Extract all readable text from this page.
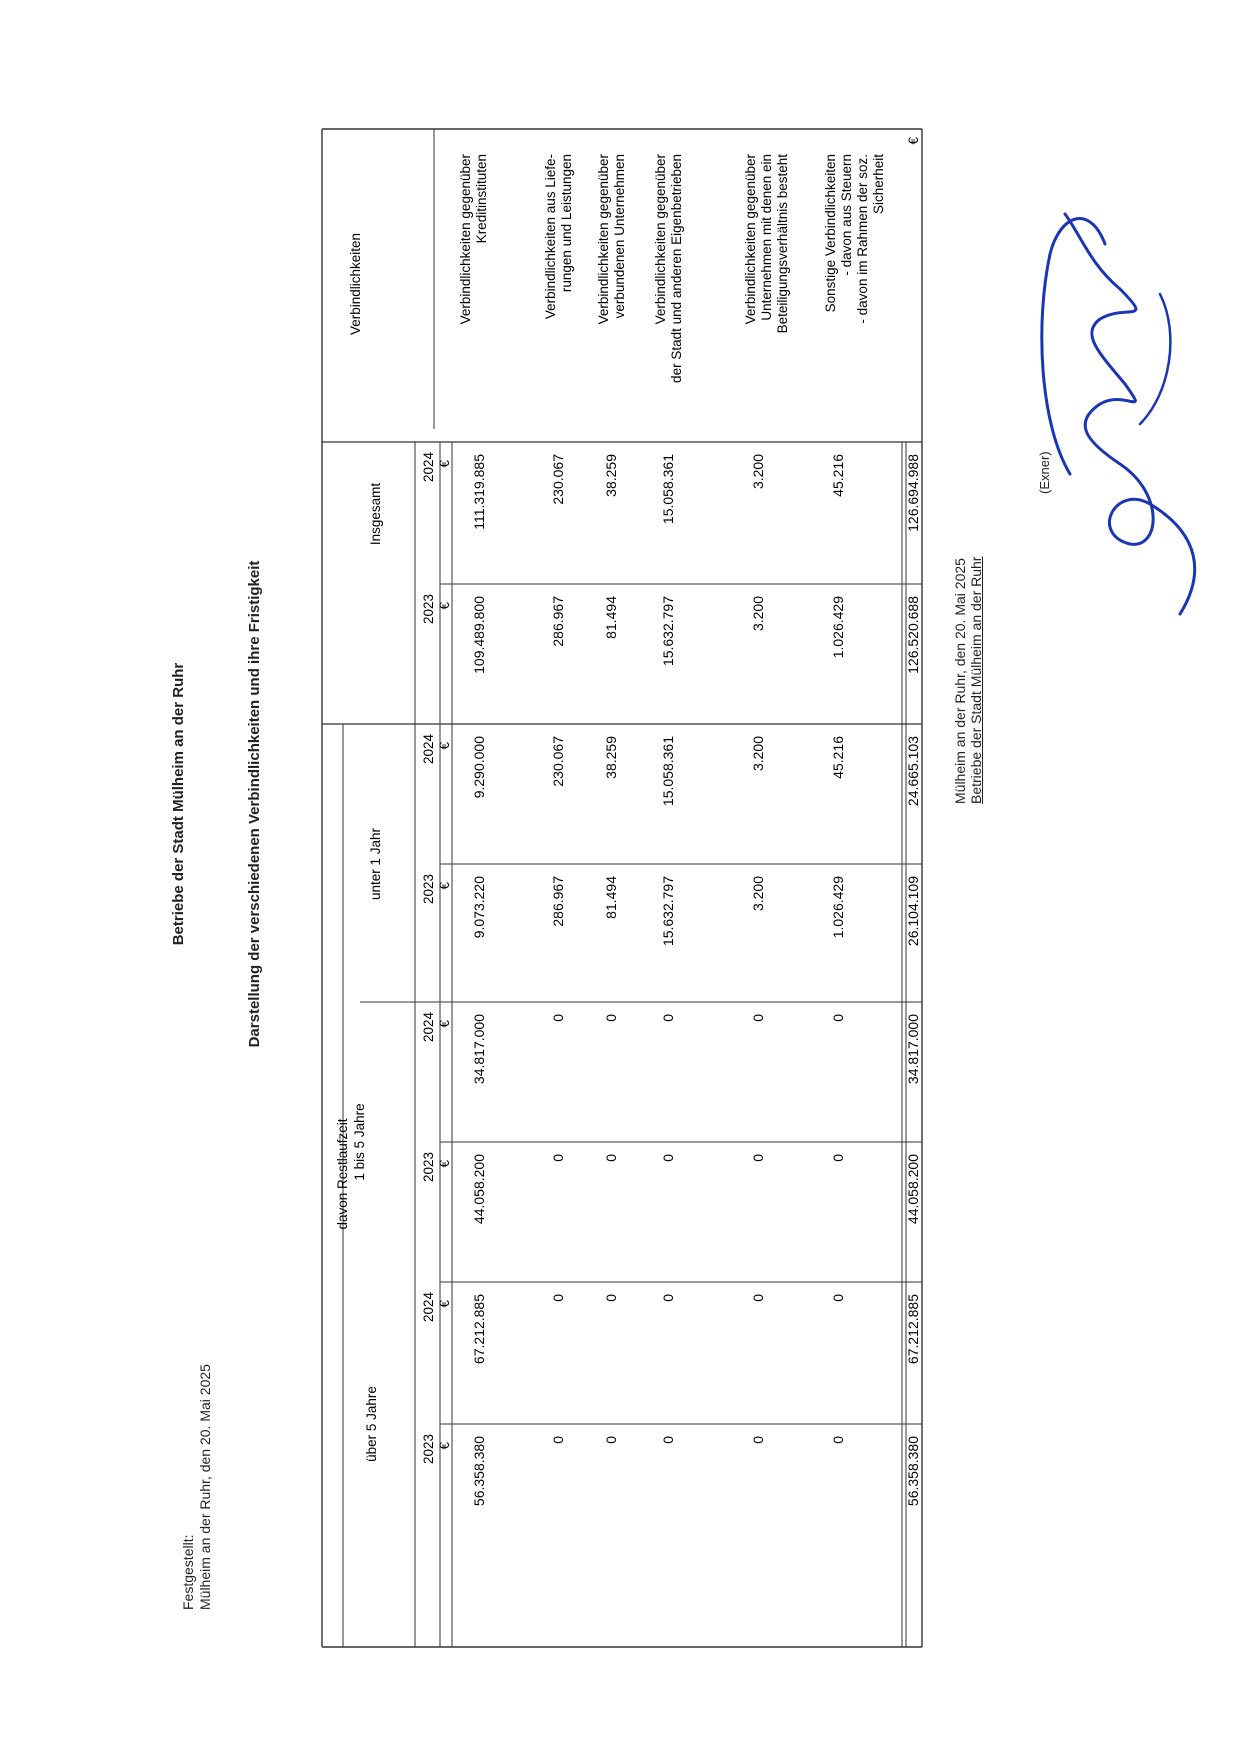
Betriebe der Stadt Mülheim an der Ruhr	Darstellung der verschiedenen Verbindlichkeiten und ihre Fristigkeit
Verbindlichkeiten
Insgesamt
davon Restlaufzeit
unter 1 Jahr
1 bis 5 Jahre
über 5 Jahre
2024 €
2023 €
2024 €
2023 €
2024 €
2023 €
2024 €
2023 €
Verbindlichkeiten gegenüber Kreditinstituten
111.319.885
109.489.800
9.290.000
9.073.220
34.817.000
44.058.200
67.212.885
56.358.380
Verbindlichkeiten aus Liefe- rungen und Leistungen
230.067
286.967
230.067
286.967
0
0
0
0
Verbindlichkeiten gegenüber verbundenen Unternehmen
38.259
81.494
38.259
81.494
0
0
0
0
Verbindlichkeiten gegenüber der Stadt und anderen Eigenbetrieben
15.058.361
15.632.797
15.058.361
15.632.797
0
0
0
0
Verbindlichkeiten gegenüber Unternehmen mit denen ein Beteiligungsverhältnis besteht
3.200
3.200
3.200
3.200
0
0
0
0
Sonstige Verbindlichkeiten - davon aus Steuern - davon im Rahmen der soz. Sicherheit
45.216
1.026.429
45.216
1.026.429
0
0
0
0
€
126.694.988
126.520.688
24.665.103
26.104.109
34.817.000
44.058.200
67.212.885
56.358.380
Festgestellt: Mülheim an der Ruhr, den 20. Mai 2025
Mülheim an der Ruhr, den 20. Mai 2025 Betriebe der Stadt Mülheim an der Ruhr
(Exner)
